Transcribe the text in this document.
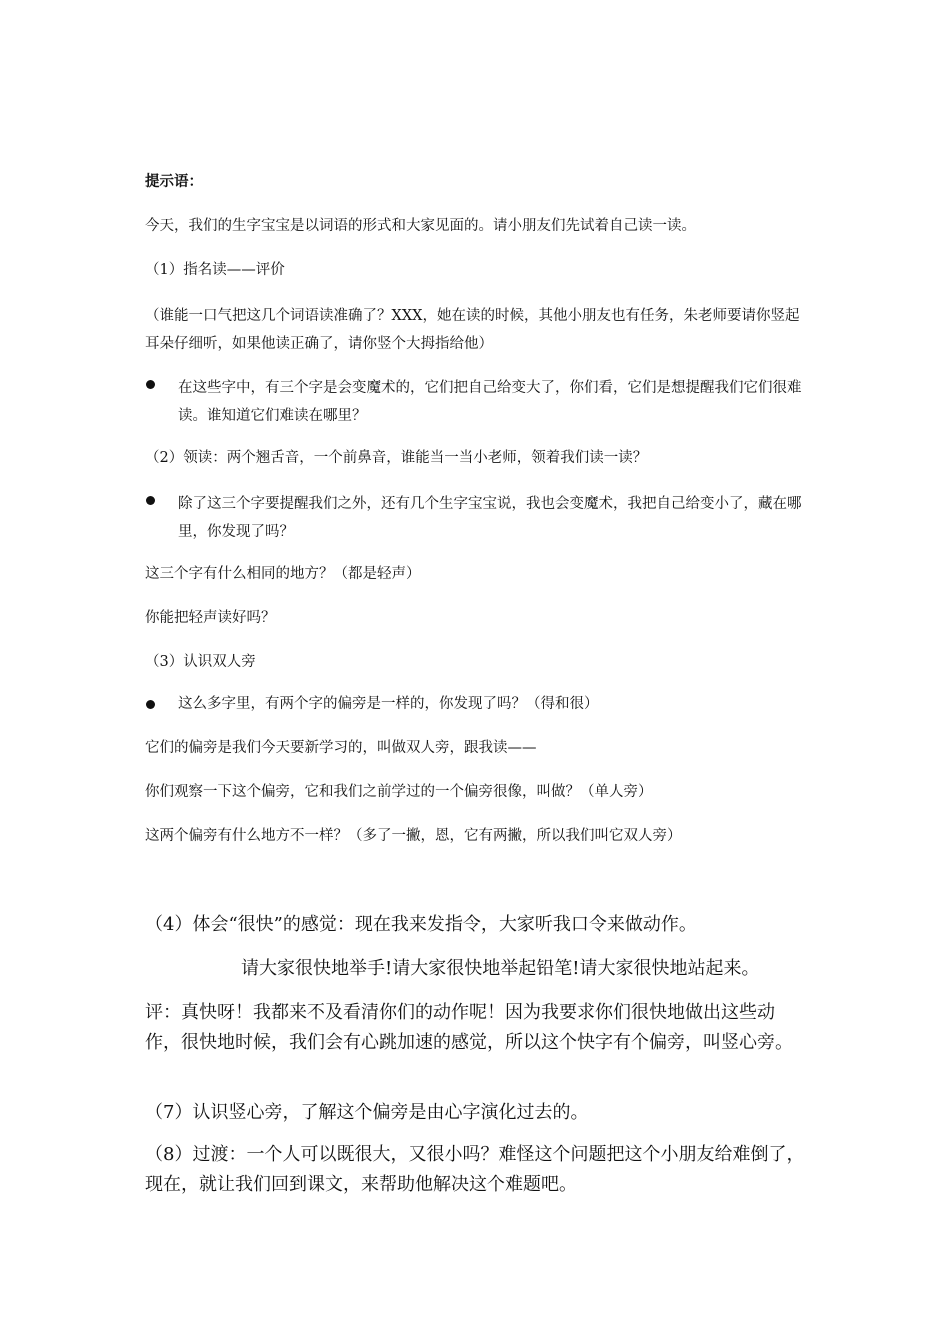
提示语：

今天，我们的生字宝宝是以词语的形式和大家见面的。请小朋友们先试着自己读一读。

（1）指名读——评价

（谁能一口气把这几个词语读准确了？XXX，她在读的时候，其他小朋友也有任务，朱老师要请你竖起耳朵仔细听，如果他读正确了，请你竖个大拇指给他）

在这些字中，有三个字是会变魔术的，它们把自己给变大了，你们看，它们是想提醒我们它们很难读。谁知道它们难读在哪里？

（2）领读：两个翘舌音，一个前鼻音，谁能当一当小老师，领着我们读一读？

除了这三个字要提醒我们之外，还有几个生字宝宝说，我也会变魔术，我把自己给变小了，藏在哪里，你发现了吗？

这三个字有什么相同的地方？（都是轻声）

你能把轻声读好吗？

（3）认识双人旁

这么多字里，有两个字的偏旁是一样的，你发现了吗？（得和很）

它们的偏旁是我们今天要新学习的，叫做双人旁，跟我读——

你们观察一下这个偏旁，它和我们之前学过的一个偏旁很像，叫做？（单人旁）

这两个偏旁有什么地方不一样？（多了一撇，恩，它有两撇，所以我们叫它双人旁）

（4）体会“很快”的感觉：现在我来发指令，大家听我口令来做动作。

请大家很快地举手!请大家很快地举起铅笔!请大家很快地站起来。

评：真快呀！我都来不及看清你们的动作呢！因为我要求你们很快地做出这些动作，很快地时候，我们会有心跳加速的感觉，所以这个快字有个偏旁，叫竖心旁。

（7）认识竖心旁，了解这个偏旁是由心字演化过去的。

（8）过渡：一个人可以既很大，又很小吗？难怪这个问题把这个小朋友给难倒了，现在，就让我们回到课文，来帮助他解决这个难题吧。
